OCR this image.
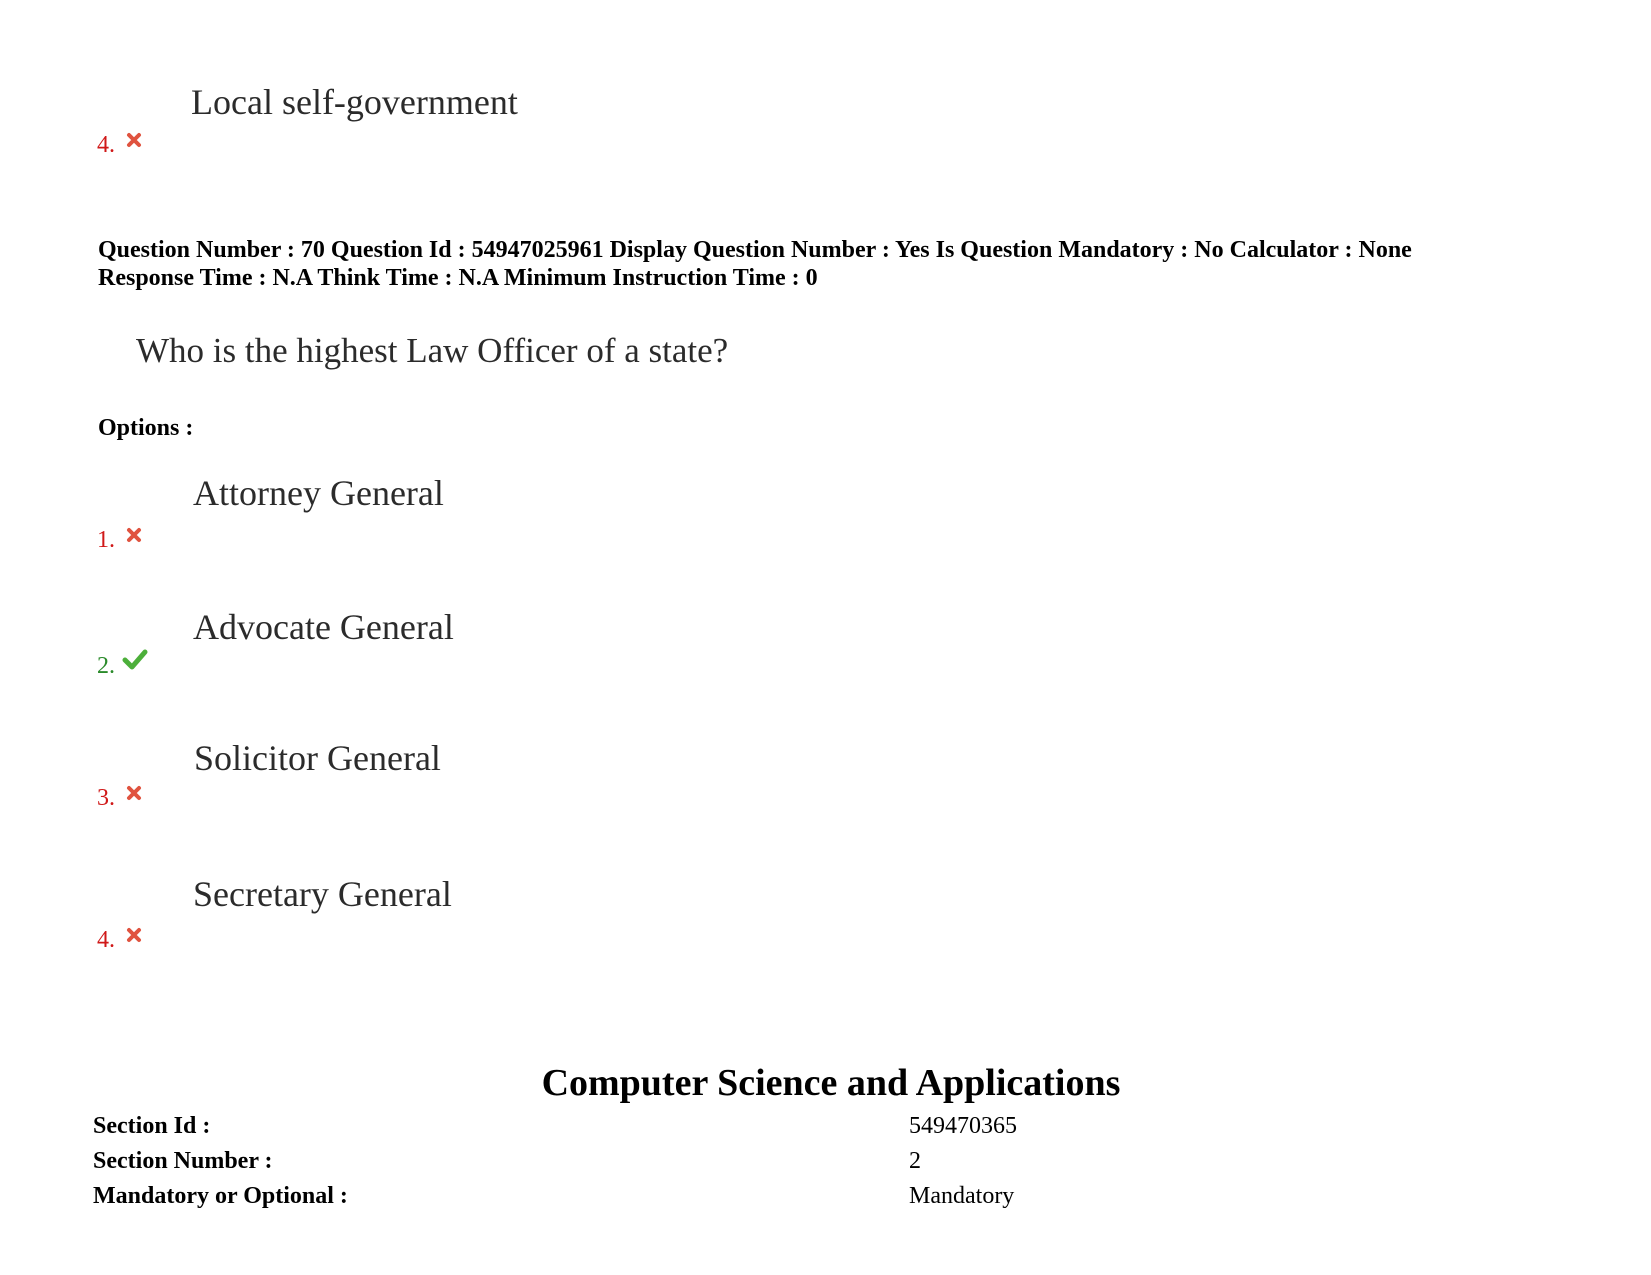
Local self-government
4.
Question Number : 70 Question Id : 54947025961 Display Question Number : Yes Is Question Mandatory : No Calculator : None
Response Time : N.A Think Time : N.A Minimum Instruction Time : 0
Who is the highest Law Officer of a state?
Options :
Attorney General
1.
Advocate General
2.
Solicitor General
3.
Secretary General
4.
Computer Science and Applications
Section Id :	549470365
Section Number :	2
Mandatory or Optional :	Mandatory
